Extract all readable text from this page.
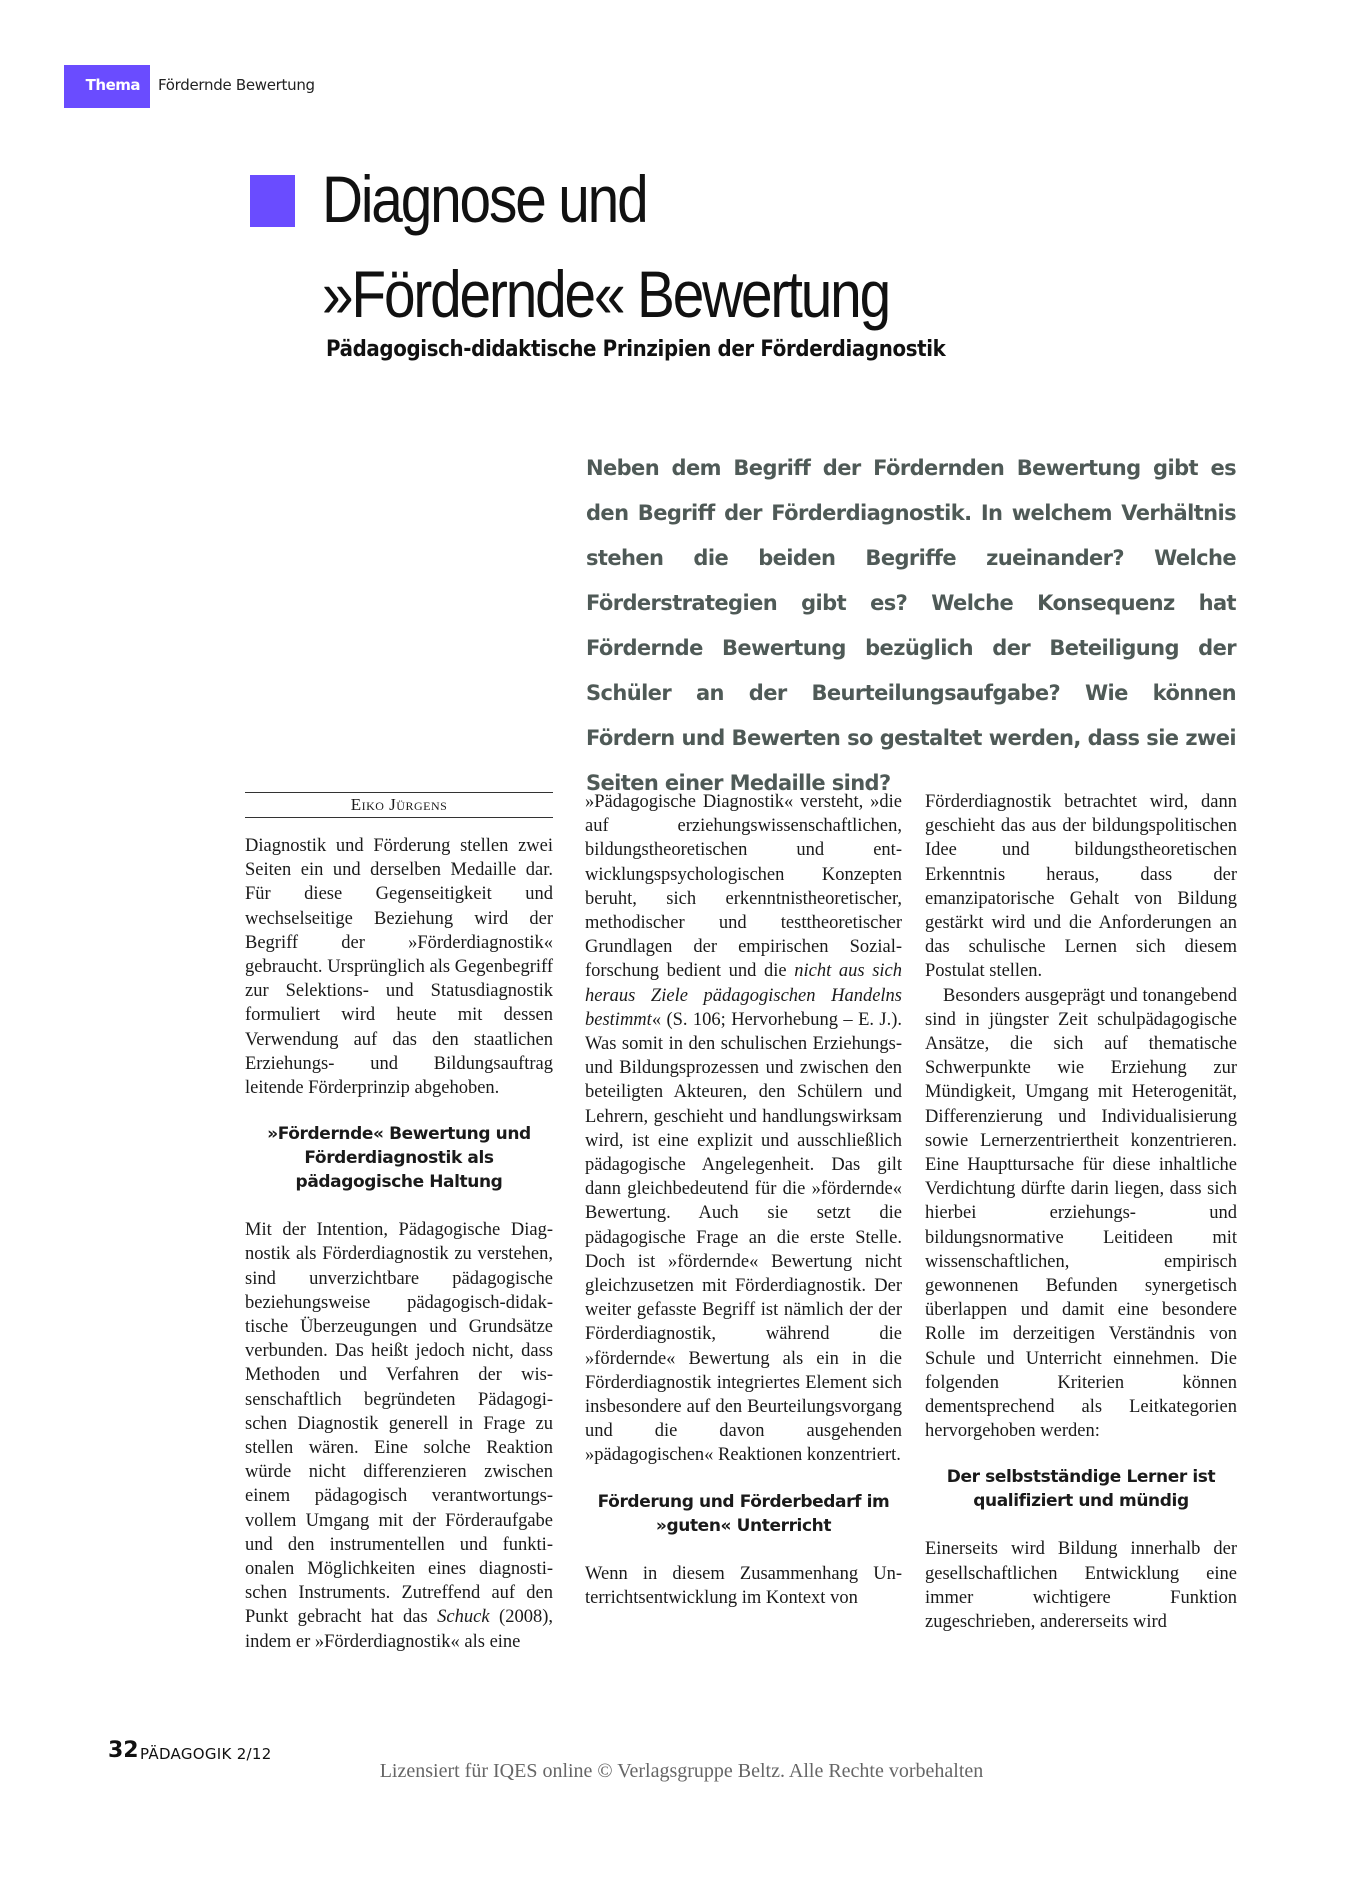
Thema Fördernde Bewertung
Diagnose und
»Fördernde« Bewertung
Pädagogisch-didaktische Prinzipien der Förderdiagnostik
Neben dem Begriff der Fördernden Bewertung gibt es den Begriff der Förderdiagnostik. In welchem Verhältnis stehen die beiden Begriffe zueinander? Welche Förderstrategien gibt es? Welche Konsequenz hat Fördernde Bewertung bezüglich der Beteiligung der Schüler an der Beurteilungsaufgabe? Wie können Fördern und Bewerten so gestaltet werden, dass sie zwei Seiten einer Medaille sind?
Eiko Jürgens

Diagnostik und Förderung stellen zwei Seiten ein und derselben Medaille dar. Für diese Gegenseitigkeit und wechselseitige Beziehung wird der Begriff der »Förderdiagnostik« gebraucht. Ursprünglich als Gegenbegriff zur Selektions- und Statusdiagnostik formuliert wird heute mit dessen Verwendung auf das den staatlichen Erziehungs- und Bildungsauftrag leitende Förderprinzip abgehoben.

»Fördernde« Bewertung und Förderdiagnostik als pädagogische Haltung

Mit der Intention, Pädagogische Diagnostik als Förderdiagnostik zu verstehen, sind unverzichtbare pädagogische beziehungsweise pädagogisch-didaktische Überzeugungen und Grundsätze verbunden. Das heißt jedoch nicht, dass Methoden und Verfahren der wissenschaftlich begründeten Pädagogischen Diagnostik generell in Frage zu stellen wären. Eine solche Reaktion würde nicht differenzieren zwischen einem pädagogisch verantwortungsvollem Umgang mit der Förderaufgabe und den instrumentellen und funktionalen Möglichkeiten eines diagnostischen Instruments. Zutreffend auf den Punkt gebracht hat das Schuck (2008), indem er »Förderdiagnostik« als eine

»Pädagogische Diagnostik« versteht, »die auf erziehungswissenschaftlichen, bildungstheoretischen und entwicklungspsychologischen Konzepten beruht, sich erkenntnistheoretischer, methodischer und testtheoretischer Grundlagen der empirischen Sozialforschung bedient und die nicht aus sich heraus Ziele pädagogischen Handelns bestimmt« (S. 106; Hervorhebung – E. J.). Was somit in den schulischen Erziehungs- und Bildungsprozessen und zwischen den beteiligten Akteuren, den Schülern und Lehrern, geschieht und handlungswirksam wird, ist eine explizit und ausschließlich pädagogische Angelegenheit. Das gilt dann gleichbedeutend für die »fördernde« Bewertung. Auch sie setzt die pädagogische Frage an die erste Stelle. Doch ist »fördernde« Bewertung nicht gleichzusetzen mit Förderdiagnostik. Der weiter gefasste Begriff ist nämlich der der Förderdiagnostik, während die »fördernde« Bewertung als ein in die Förderdiagnostik integriertes Element sich insbesondere auf den Beurteilungsvorgang und die davon ausgehenden »pädagogischen« Reaktionen konzentriert.

Förderung und Förderbedarf im »guten« Unterricht

Wenn in diesem Zusammenhang Unterrichtsentwicklung im Kontext von

Förderdiagnostik betrachtet wird, dann geschieht das aus der bildungspolitischen Idee und bildungstheoretischen Erkenntnis heraus, dass der emanzipatorische Gehalt von Bildung gestärkt wird und die Anforderungen an das schulische Lernen sich diesem Postulat stellen.

Besonders ausgeprägt und tonangebend sind in jüngster Zeit schulpädagogische Ansätze, die sich auf thematische Schwerpunkte wie Erziehung zur Mündigkeit, Umgang mit Heterogenität, Differenzierung und Individualisierung sowie Lernerzentriertheit konzentrieren. Eine Haupttursache für diese inhaltliche Verdichtung dürfte darin liegen, dass sich hierbei erziehungs- und bildungsnormative Leitideen mit wissenschaftlichen, empirisch gewonnenen Befunden synergetisch überlappen und damit eine besondere Rolle im derzeitigen Verständnis von Schule und Unterricht einnehmen. Die folgenden Kriterien können dementsprechend als Leitkategorien hervorgehoben werden:

Der selbstständige Lerner ist qualifiziert und mündig

Einerseits wird Bildung innerhalb der gesellschaftlichen Entwicklung eine immer wichtigere Funktion zugeschrieben, andererseits wird

32 PÄDAGOGIK 2/12
Lizensiert für IQES online © Verlagsgruppe Beltz. Alle Rechte vorbehalten
